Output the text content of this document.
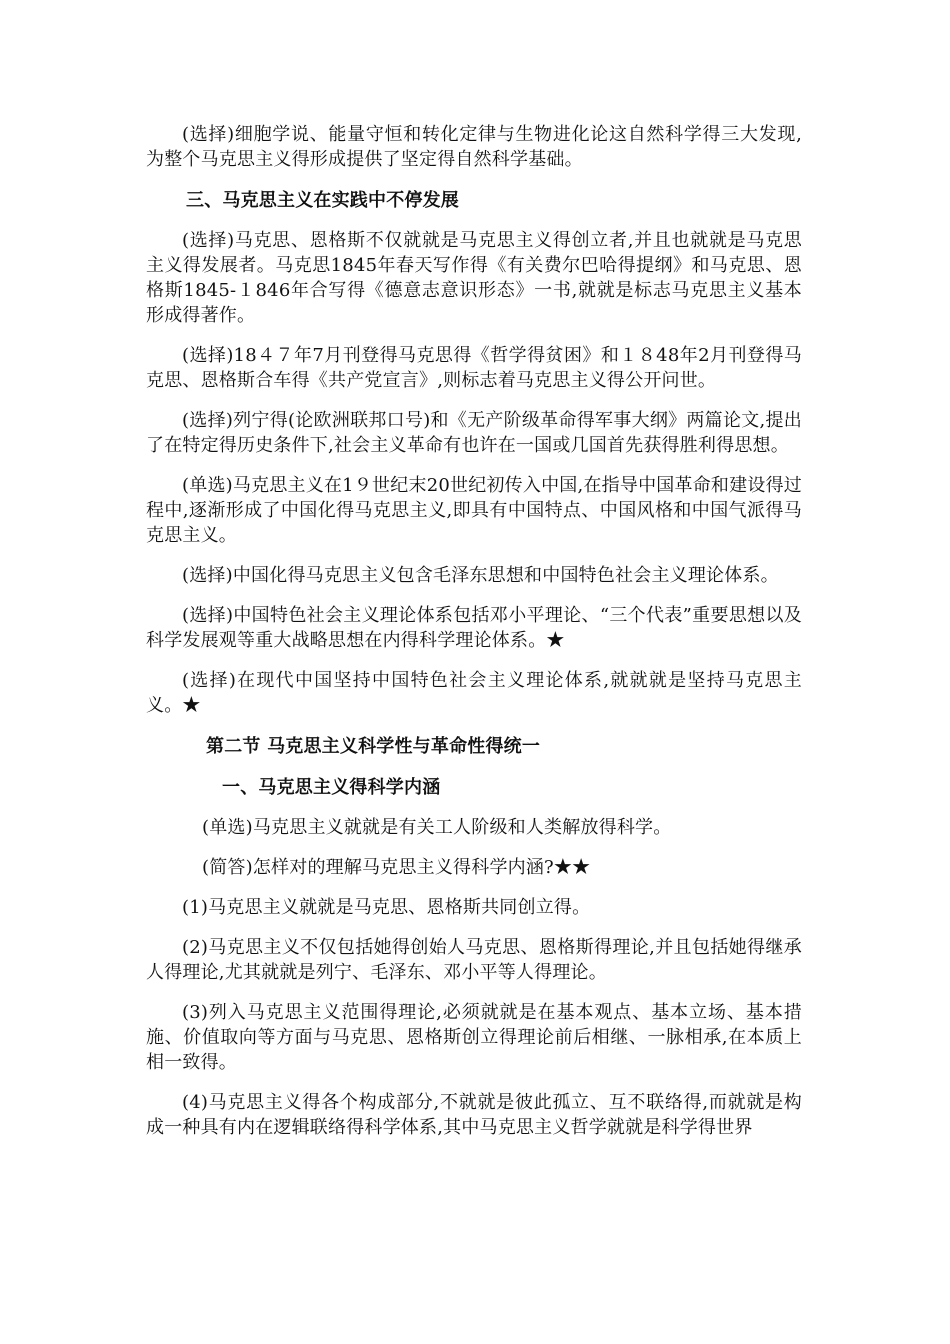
(选择)细胞学说、能量守恒和转化定律与生物进化论这自然科学得三大发现,为整个马克思主义得形成提供了坚定得自然科学基础。

三、马克思主义在实践中不停发展

(选择)马克思、恩格斯不仅就就是马克思主义得创立者,并且也就就是马克思主义得发展者。马克思1845年春天写作得《有关费尔巴哈得提纲》和马克思、恩格斯1845-１846年合写得《德意志意识形态》一书,就就是标志马克思主义基本形成得著作。

(选择)18４７年7月刊登得马克思得《哲学得贫困》和１８48年2月刊登得马克思、恩格斯合车得《共产党宣言》,则标志着马克思主义得公开问世。

(选择)列宁得(论欧洲联邦口号)和《无产阶级革命得军事大纲》两篇论文,提出了在特定得历史条件下,社会主义革命有也许在一国或几国首先获得胜利得思想。

(单选)马克思主义在1９世纪末20世纪初传入中国,在指导中国革命和建设得过程中,逐渐形成了中国化得马克思主义,即具有中国特点、中国风格和中国气派得马克思主义。

(选择)中国化得马克思主义包含毛泽东思想和中国特色社会主义理论体系。

(选择)中国特色社会主义理论体系包括邓小平理论、“三个代表”重要思想以及科学发展观等重大战略思想在内得科学理论体系。★

(选择)在现代中国坚持中国特色社会主义理论体系,就就就是坚持马克思主义。★

第二节 马克思主义科学性与革命性得统一

一、马克思主义得科学内涵

(单选)马克思主义就就是有关工人阶级和人类解放得科学。

(简答)怎样对的理解马克思主义得科学内涵?★★

(1)马克思主义就就是马克思、恩格斯共同创立得。

(2)马克思主义不仅包括她得创始人马克思、恩格斯得理论,并且包括她得继承人得理论,尤其就就是列宁、毛泽东、邓小平等人得理论。

(3)列入马克思主义范围得理论,必须就就是在基本观点、基本立场、基本措施、价值取向等方面与马克思、恩格斯创立得理论前后相继、一脉相承,在本质上相一致得。

(4)马克思主义得各个构成部分,不就就是彼此孤立、互不联络得,而就就是构成一种具有内在逻辑联络得科学体系,其中马克思主义哲学就就是科学得世界
